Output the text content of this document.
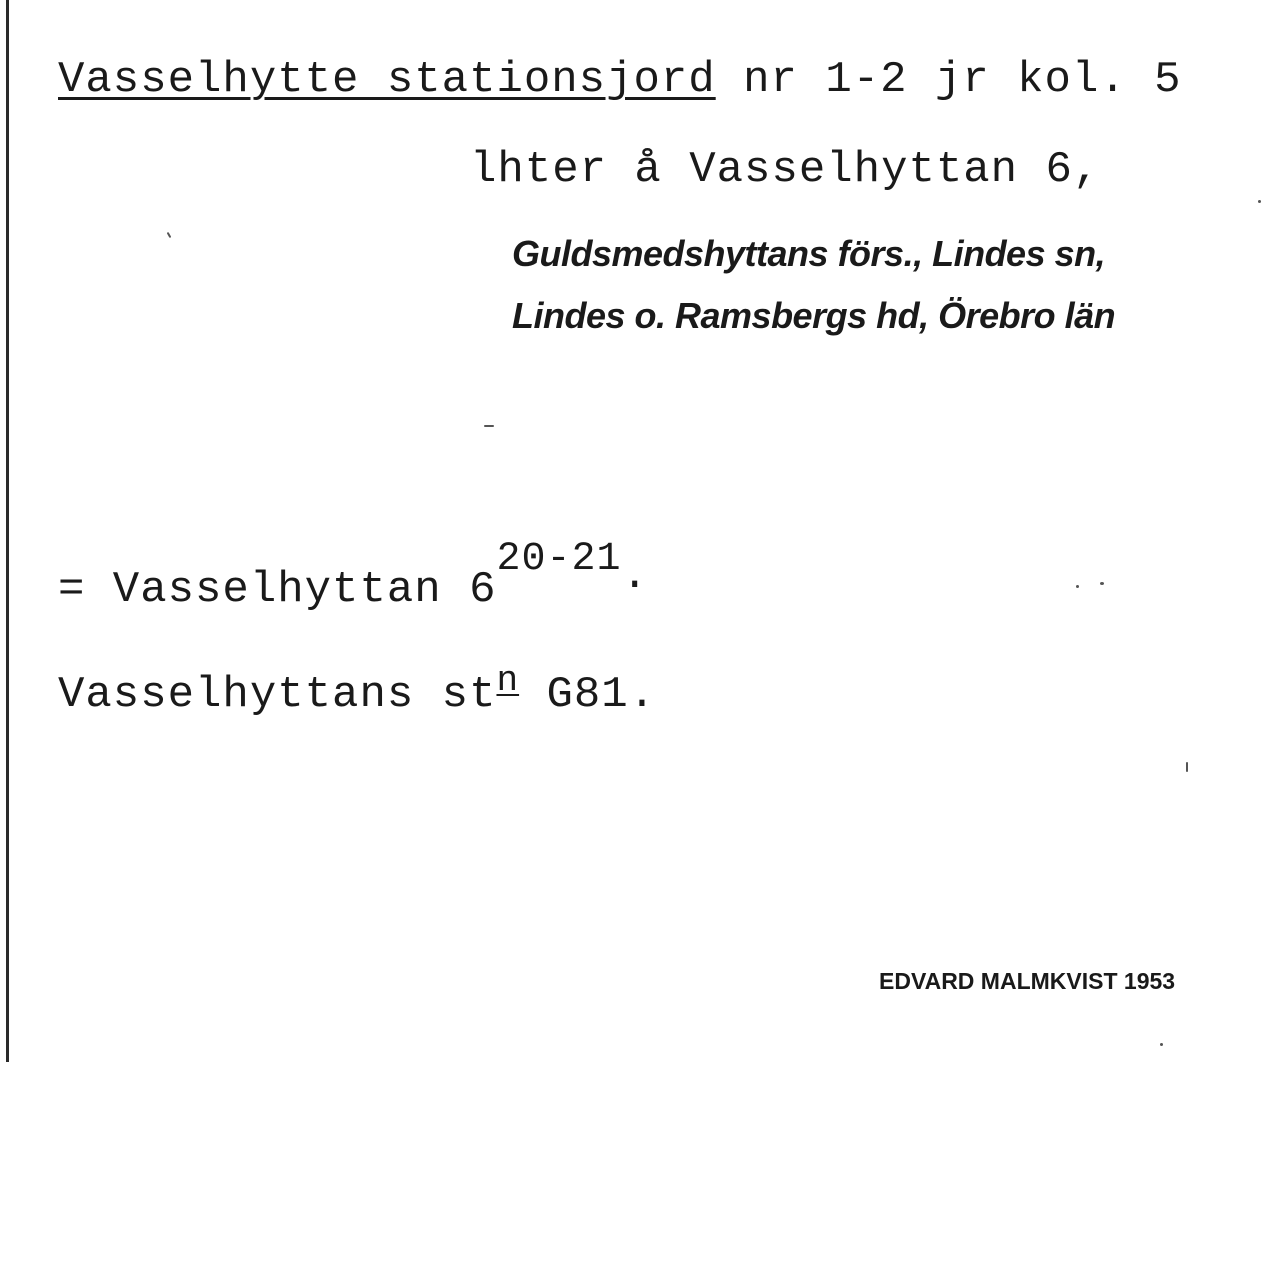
Vasselhytte stationsjord nr 1-2 jr kol. 5
lhter å Vasselhyttan 6,
Guldsmedshyttans förs., Lindes sn,
Lindes o. Ramsbergs hd, Örebro län
= Vasselhyttan 620-21.
Vasselhyttans $st^n$ G81.
EDVARD MALMKVIST 1953
